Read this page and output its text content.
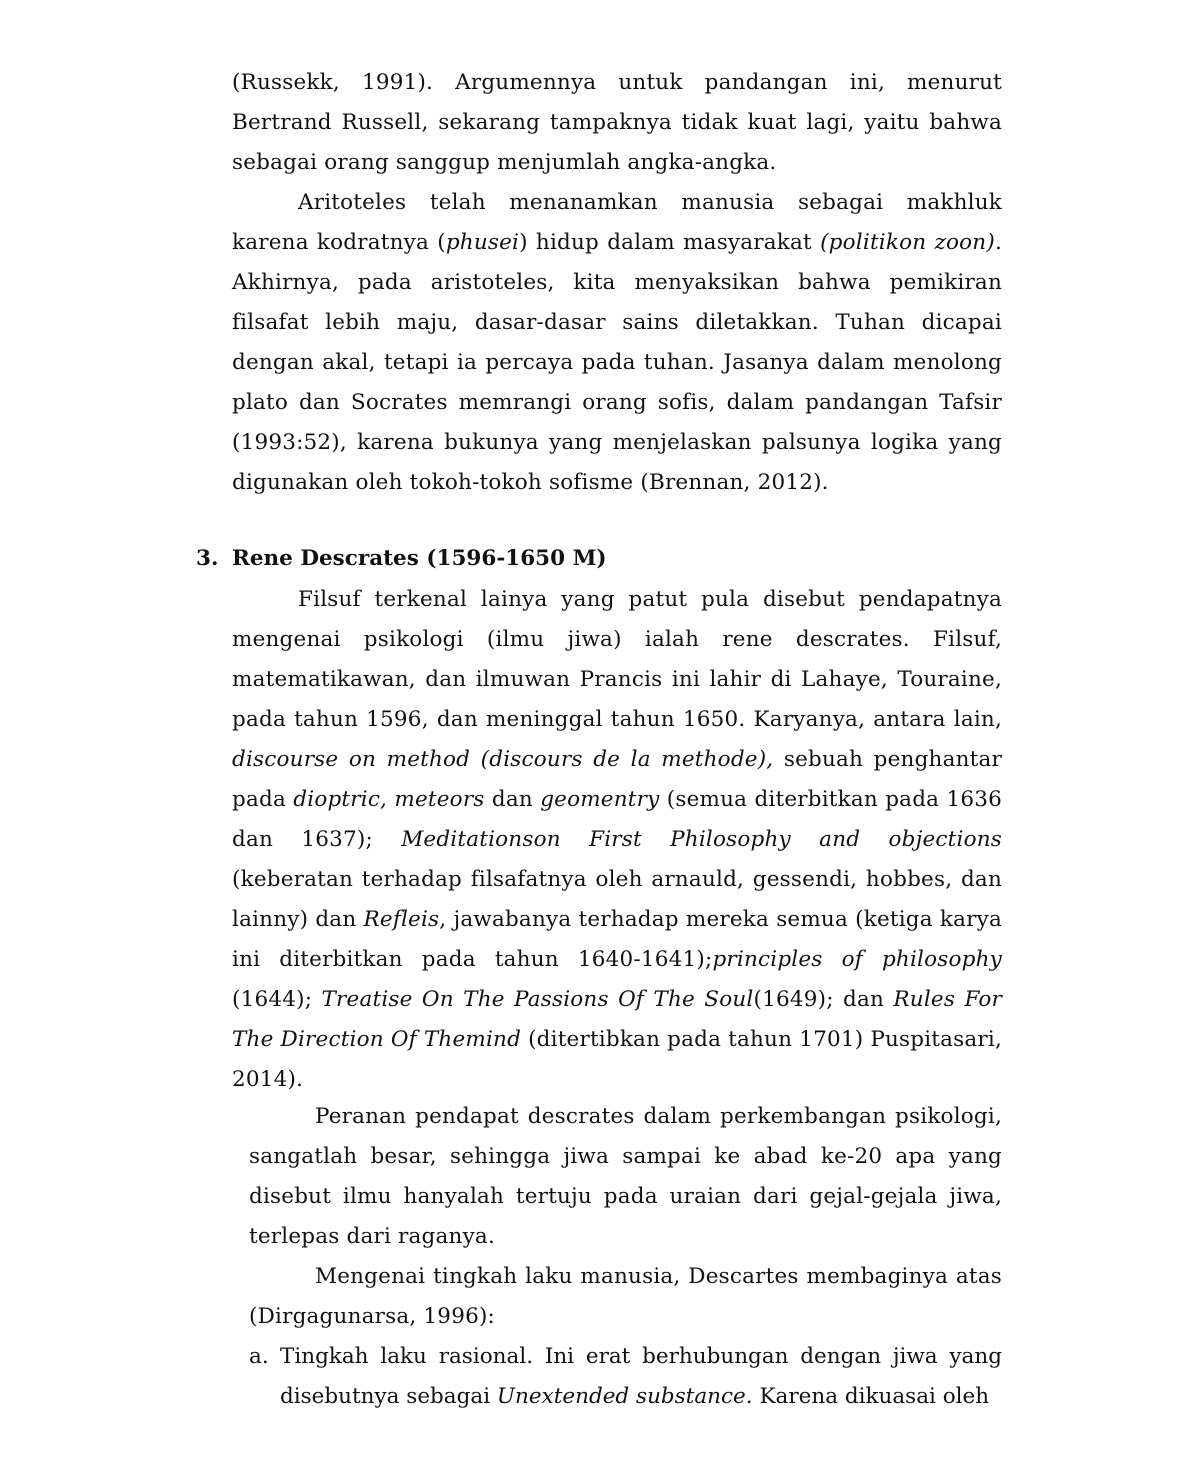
(Russekk, 1991). Argumennya untuk pandangan ini, menurut Bertrand Russell, sekarang tampaknya tidak kuat lagi, yaitu bahwa sebagai orang sanggup menjumlah angka-angka.

Aritoteles telah menanamkan manusia sebagai makhluk karena kodratnya (phusei) hidup dalam masyarakat (politikon zoon). Akhirnya, pada aristoteles, kita menyaksikan bahwa pemikiran filsafat lebih maju, dasar-dasar sains diletakkan. Tuhan dicapai dengan akal, tetapi ia percaya pada tuhan. Jasanya dalam menolong plato dan Socrates memrangi orang sofis, dalam pandangan Tafsir (1993:52), karena bukunya yang menjelaskan palsunya logika yang digunakan oleh tokoh-tokoh sofisme (Brennan, 2012).

3. Rene Descrates (1596-1650 M)

Filsuf terkenal lainya yang patut pula disebut pendapatnya mengenai psikologi (ilmu jiwa) ialah rene descrates. Filsuf, matematikawan, dan ilmuwan Prancis ini lahir di Lahaye, Touraine, pada tahun 1596, dan meninggal tahun 1650. Karyanya, antara lain, discourse on method (discours de la methode), sebuah penghantar pada dioptric, meteors dan geomentry (semua diterbitkan pada 1636 dan 1637); Meditationson First Philosophy and objections (keberatan terhadap filsafatnya oleh arnauld, gessendi, hobbes, dan lainny) dan Refleis, jawabanya terhadap mereka semua (ketiga karya ini diterbitkan pada tahun 1640-1641);principles of philosophy (1644); Treatise On The Passions Of The Soul(1649); dan Rules For The Direction Of Themind (ditertibkan pada tahun 1701) Puspitasari, 2014).

Peranan pendapat descrates dalam perkembangan psikologi, sangatlah besar, sehingga jiwa sampai ke abad ke-20 apa yang disebut ilmu hanyalah tertuju pada uraian dari gejal-gejala jiwa, terlepas dari raganya.

Mengenai tingkah laku manusia, Descartes membaginya atas (Dirgagunarsa, 1996):

a. Tingkah laku rasional. Ini erat berhubungan dengan jiwa yang disebutnya sebagai Unextended substance. Karena dikuasai oleh
